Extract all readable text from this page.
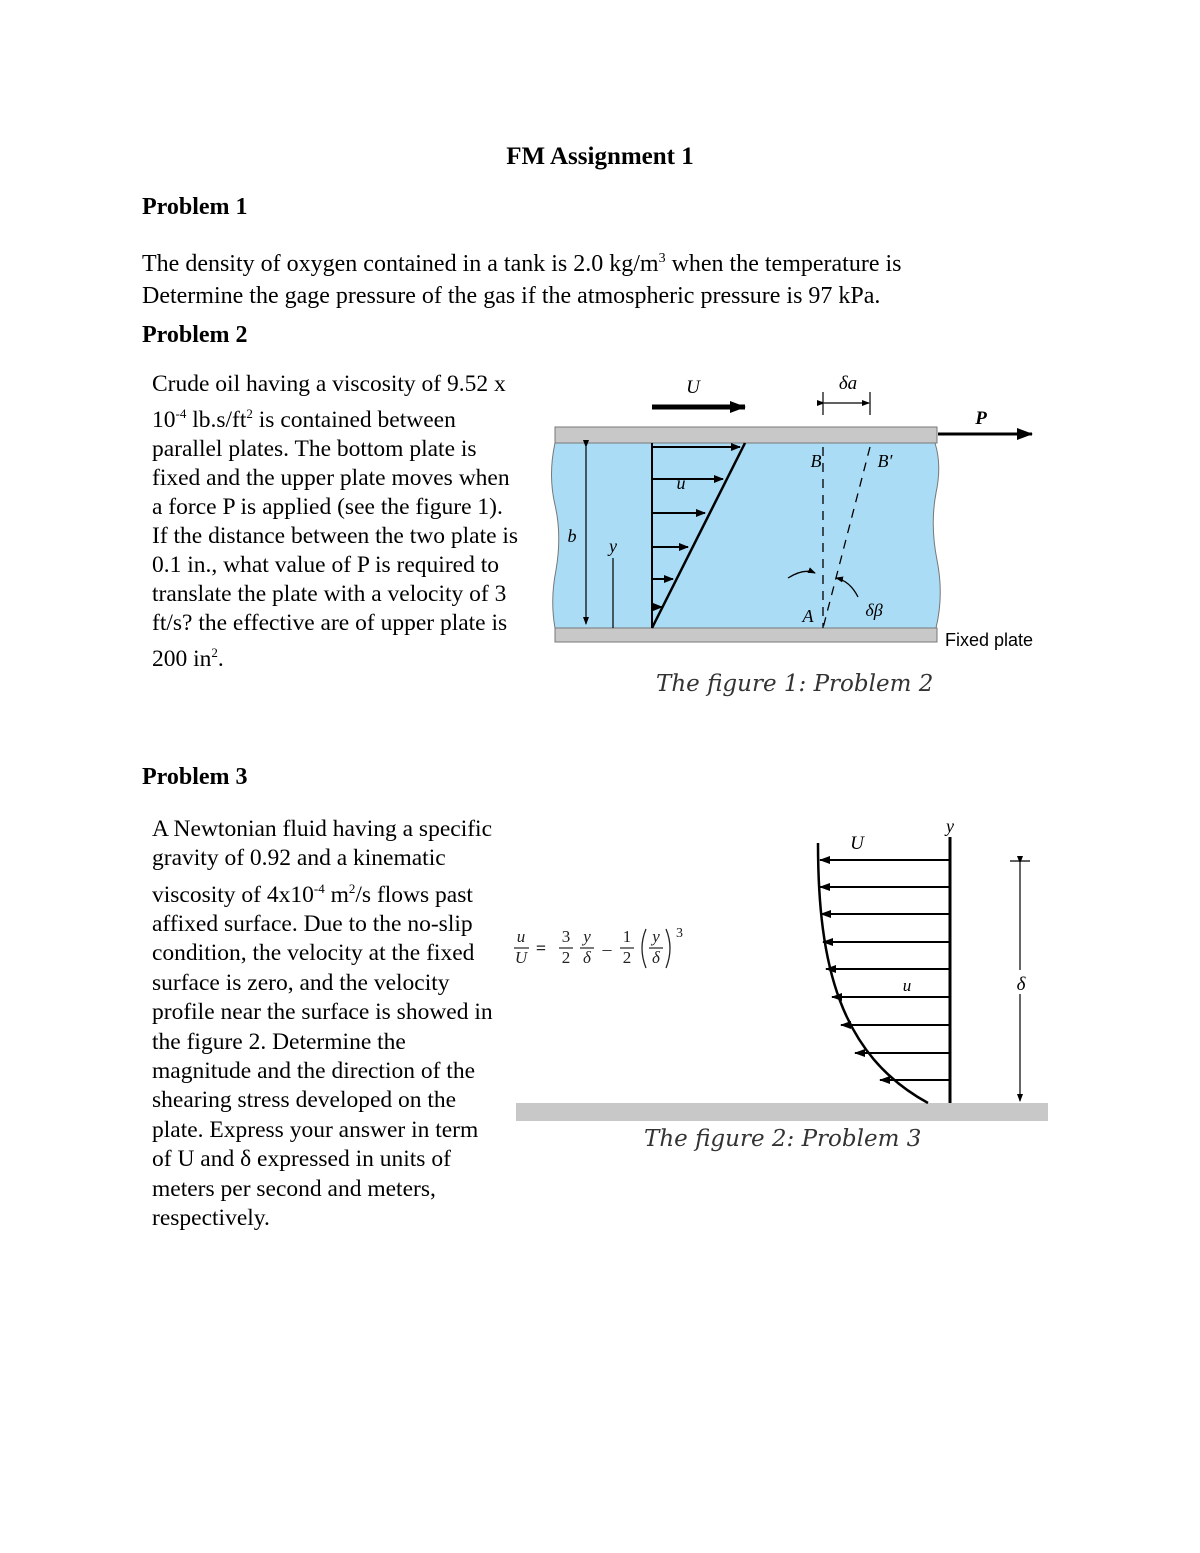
FM Assignment 1
Problem 1
The density of oxygen contained in a tank is 2.0 $kg/m^3$ when the temperature is
Determine the gage pressure of the gas if the atmospheric pressure is 97 kPa.
Problem 2
Crude oil having a viscosity of 9.52 x $10^{-4}$ $lb.s/ft^2$ is contained between parallel plates. The bottom plate is fixed and the upper plate moves when a force P is applied (see the figure 1). If the distance between the two plate is 0.1 in., what value of P is required to translate the plate with a velocity of 3 ft/s? the effective are of upper plate is 200 $in^2$.
U	δa
P
u
b y
B	B′
A	δβ
Fixed plate
The figure 1: Problem 2
Problem 3
A Newtonian fluid having a specific gravity of 0.92 and a kinematic viscosity of $4x10^{-4}$ $m^2/s$ flows past affixed surface. Due to the no-slip condition, the velocity at the fixed surface is zero, and the velocity profile near the surface is showed in the figure 2. Determine the magnitude and the direction of the shearing stress developed on the plate. Express your answer in term of U and δ expressed in units of meters per second and meters, respectively.
u
U
3
2
y
δ
1
2
y
δ
=	–
3
y
U
u	δ
The figure 2: Problem 3
